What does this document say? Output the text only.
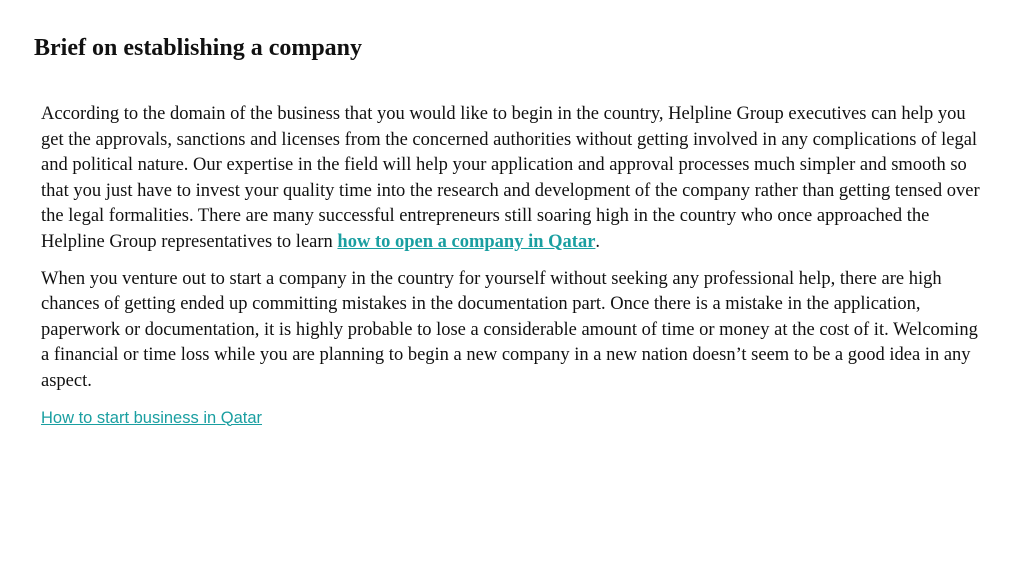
Brief on establishing a company

According to the domain of the business that you would like to begin in the country, Helpline Group executives can help you get the approvals, sanctions and licenses from the concerned authorities without getting involved in any complications of legal and political nature. Our expertise in the field will help your application and approval processes much simpler and smooth so that you just have to invest your quality time into the research and development of the company rather than getting tensed over the legal formalities. There are many successful entrepreneurs still soaring high in the country who once approached the Helpline Group representatives to learn how to open a company in Qatar.

When you venture out to start a company in the country for yourself without seeking any professional help, there are high chances of getting ended up committing mistakes in the documentation part. Once there is a mistake in the application, paperwork or documentation, it is highly probable to lose a considerable amount of time or money at the cost of it. Welcoming a financial or time loss while you are planning to begin a new company in a new nation doesn’t seem to be a good idea in any aspect.

How to start business in Qatar
